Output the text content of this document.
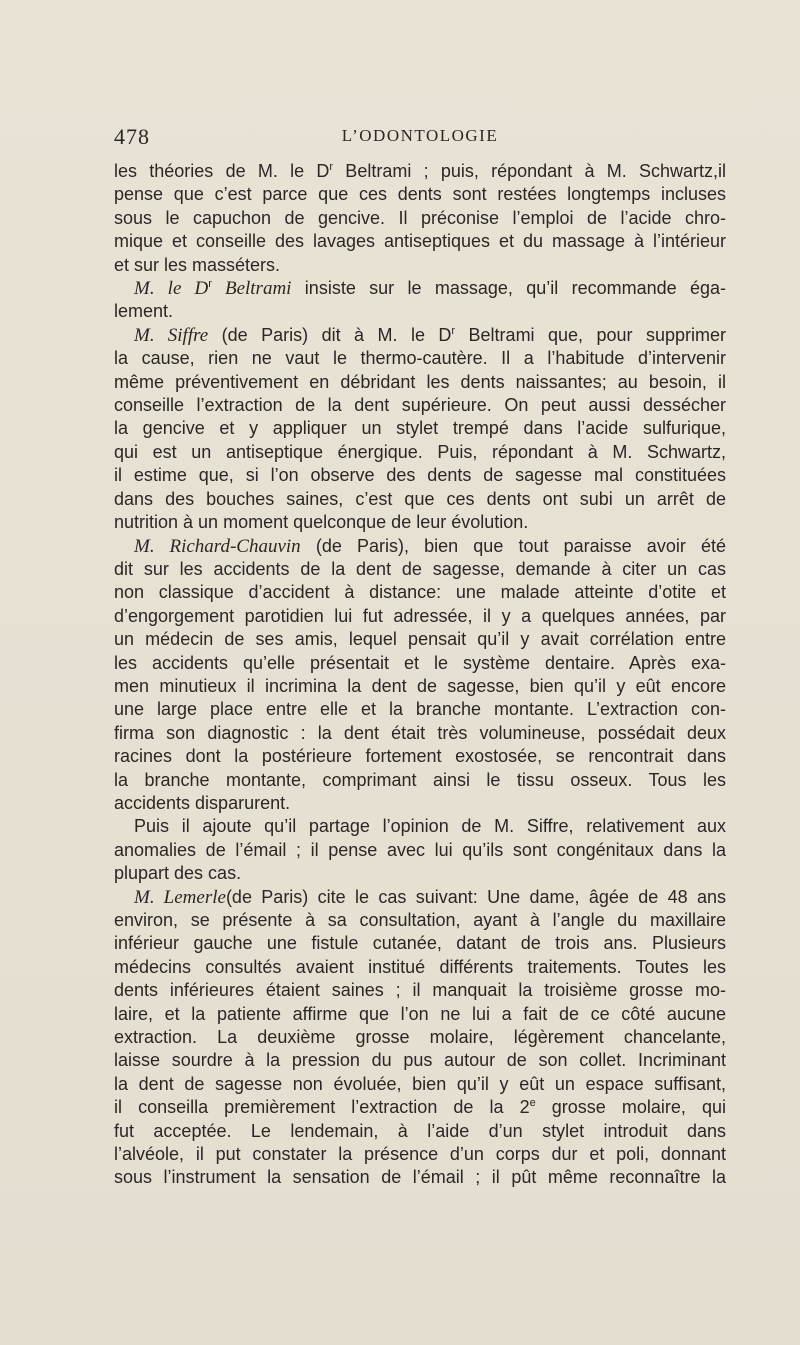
478	L’ODONTOLOGIE
les théories de M. le $D^r$ Beltrami ; puis, répondant à M. Schwartz,il
pense que c’est parce que ces dents sont restées longtemps incluses
sous le capuchon de gencive. Il préconise l’emploi de l’acide chro-
mique et conseille des lavages antiseptiques et du massage à l’intérieur
et sur les masséters.
M. le $D^r$ Beltrami insiste sur le massage, qu’il recommande éga-
lement.
M. Siffre (de Paris) dit à M. le $D^r$ Beltrami que, pour supprimer
la cause, rien ne vaut le thermo-cautère. Il a l’habitude d’intervenir
même préventivement en débridant les dents naissantes; au besoin, il
conseille l’extraction de la dent supérieure. On peut aussi dessécher
la gencive et y appliquer un stylet trempé dans l’acide sulfurique,
qui est un antiseptique énergique. Puis, répondant à M. Schwartz,
il estime que, si l’on observe des dents de sagesse mal constituées
dans des bouches saines, c’est que ces dents ont subi un arrêt de
nutrition à un moment quelconque de leur évolution.
M. Richard-Chauvin (de Paris), bien que tout paraisse avoir été
dit sur les accidents de la dent de sagesse, demande à citer un cas
non classique d’accident à distance: une malade atteinte d’otite et
d’engorgement parotidien lui fut adressée, il y a quelques années, par
un médecin de ses amis, lequel pensait qu’il y avait corrélation entre
les accidents qu’elle présentait et le système dentaire. Après exa-
men minutieux il incrimina la dent de sagesse, bien qu’il y eût encore
une large place entre elle et la branche montante. L’extraction con-
firma son diagnostic : la dent était très volumineuse, possédait deux
racines dont la postérieure fortement exostosée, se rencontrait dans
la branche montante, comprimant ainsi le tissu osseux. Tous les
accidents disparurent.
Puis il ajoute qu’il partage l’opinion de M. Siffre, relativement aux
anomalies de l’émail ; il pense avec lui qu’ils sont congénitaux dans la
plupart des cas.
M. Lemerle(de Paris) cite le cas suivant: Une dame, âgée de 48 ans
environ, se présente à sa consultation, ayant à l’angle du maxillaire
inférieur gauche une fistule cutanée, datant de trois ans. Plusieurs
médecins consultés avaient institué différents traitements. Toutes les
dents inférieures étaient saines ; il manquait la troisième grosse mo-
laire, et la patiente affirme que l’on ne lui a fait de ce côté aucune
extraction. La deuxième grosse molaire, légèrement chancelante,
laisse sourdre à la pression du pus autour de son collet. Incriminant
la dent de sagesse non évoluée, bien qu’il y eût un espace suffisant,
il conseilla premièrement l’extraction de la 2e grosse molaire, qui
fut acceptée. Le lendemain, à l’aide d’un stylet introduit dans
l’alvéole, il put constater la présence d’un corps dur et poli, donnant
sous l’instrument la sensation de l’émail ; il pût même reconnaître la
